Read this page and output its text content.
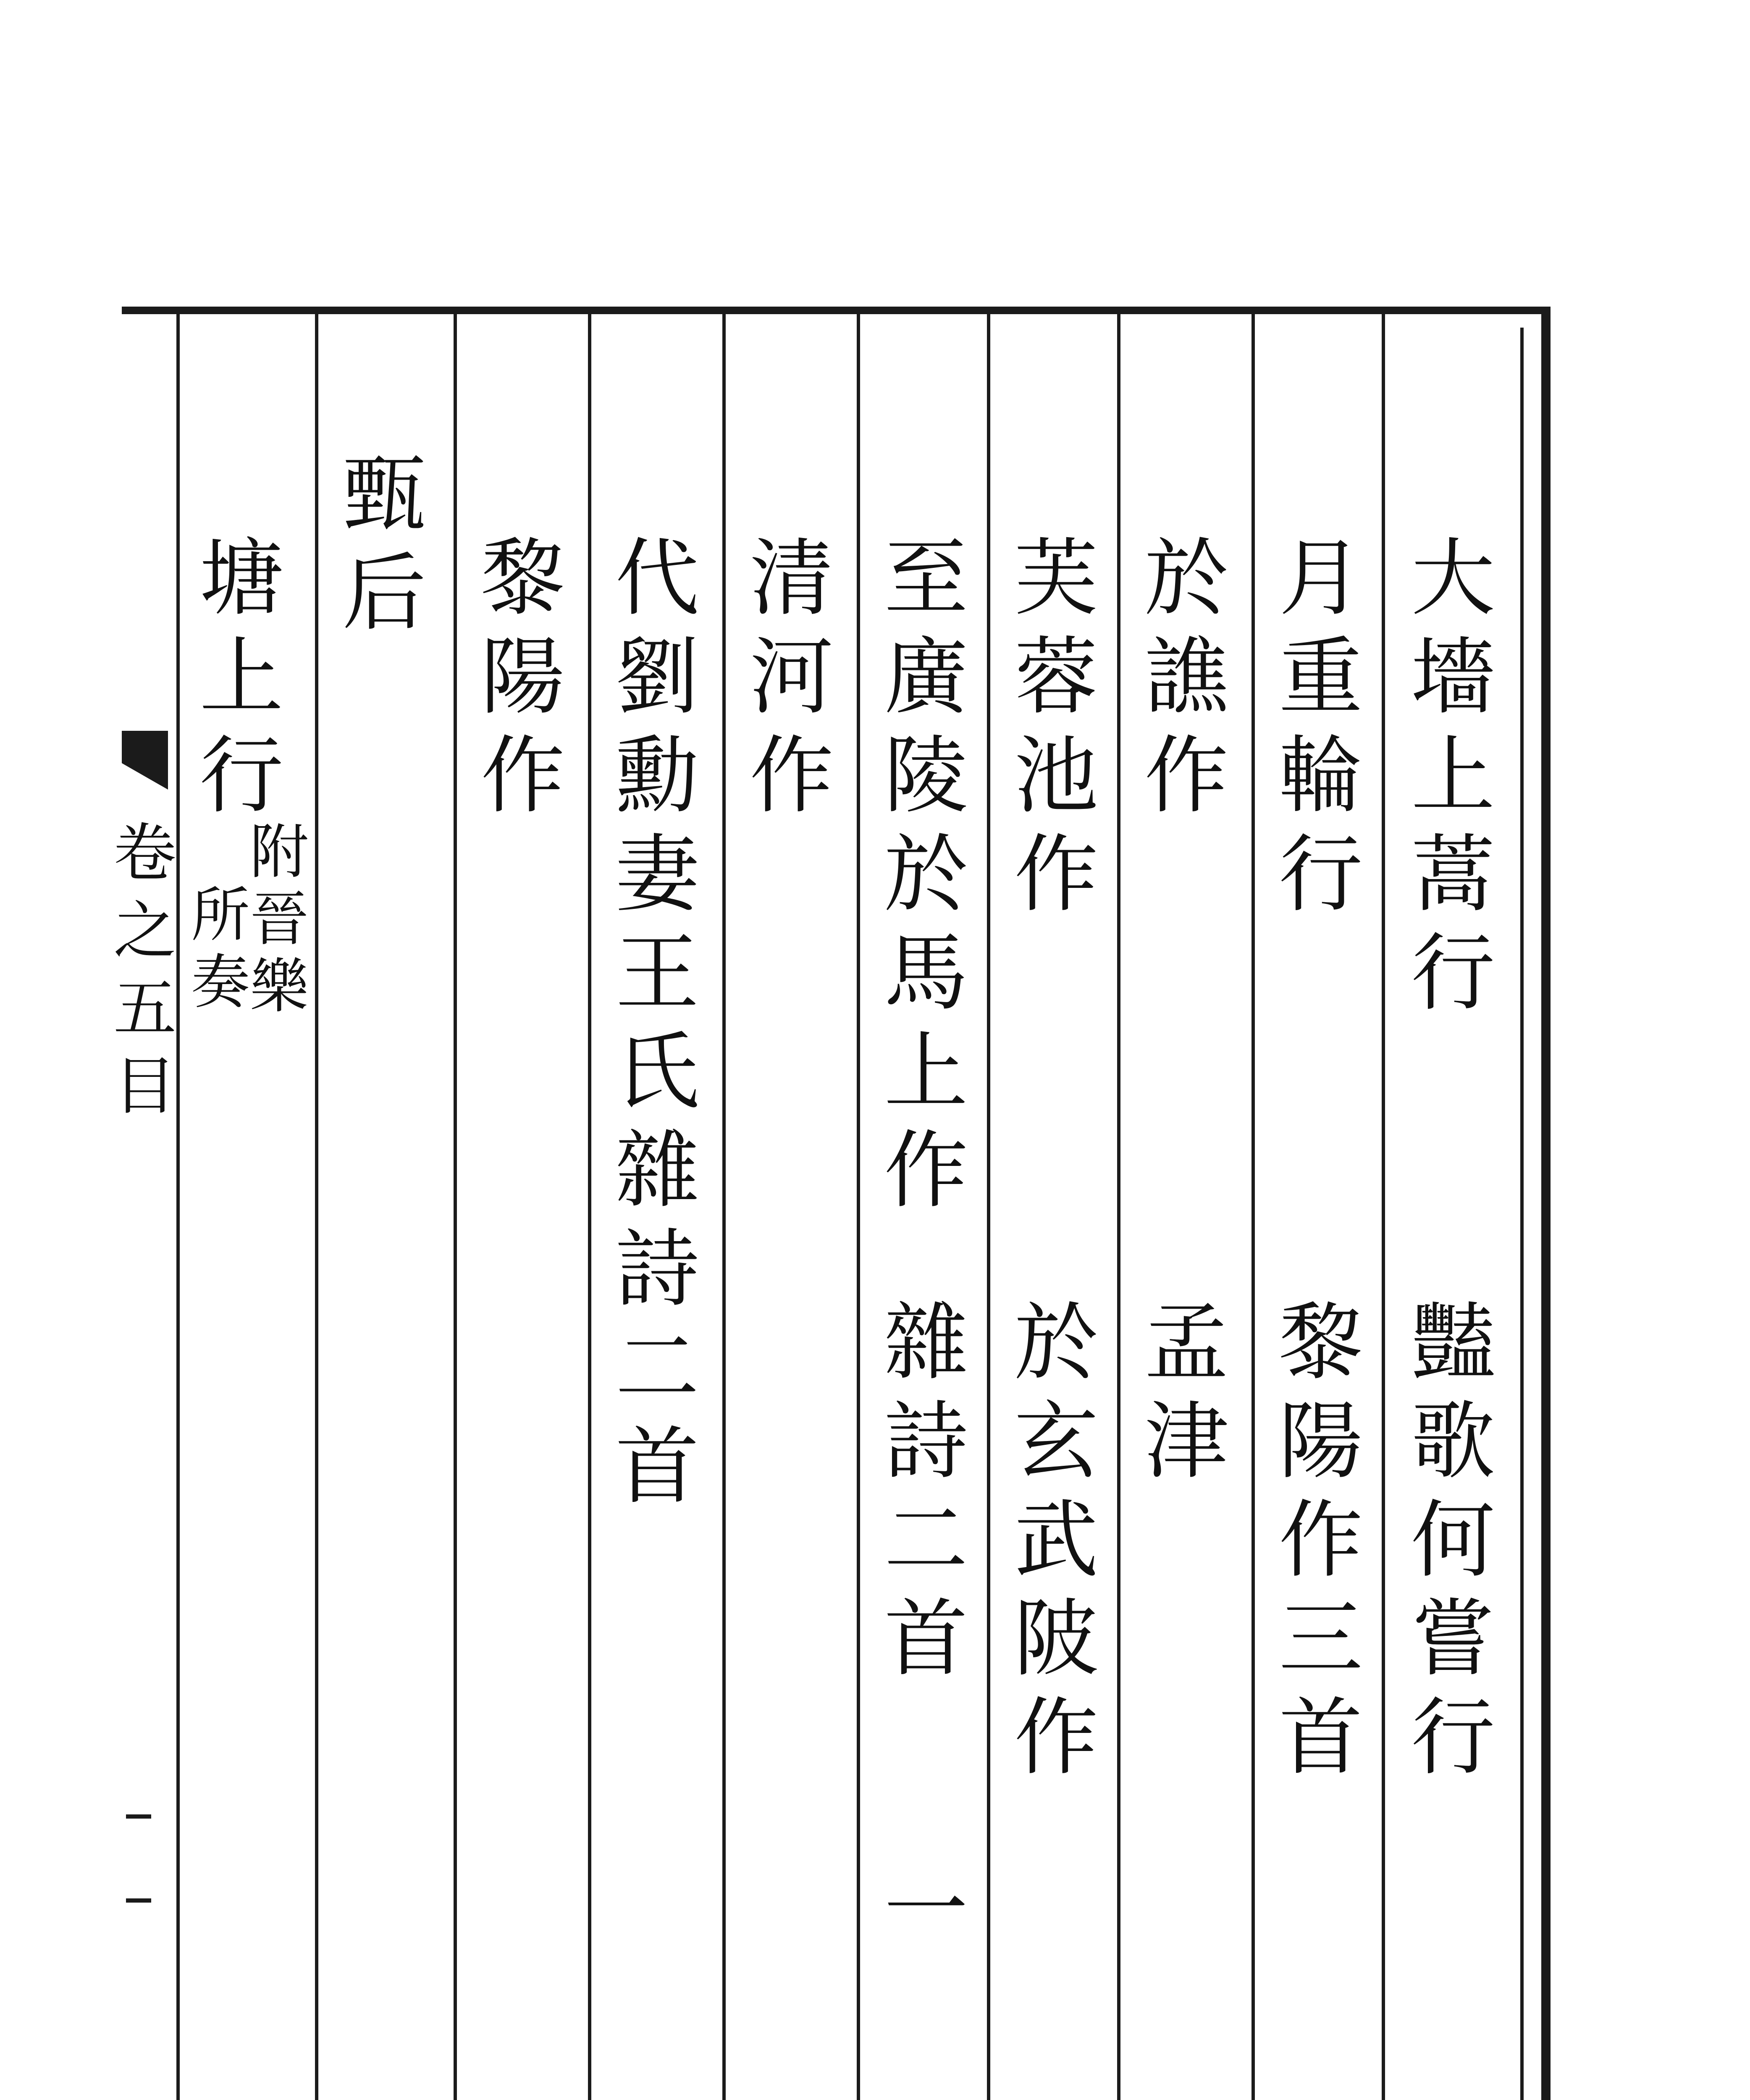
卷
之
五
目
大
墻
上
蒿
行
豔
歌
何
嘗
行
月
重
輪
行
黎
陽
作
三
首
於
譙
作
孟
津
芙
蓉
池
作
於
玄
武
陂
作
至
廣
陵
於
馬
上
作
雜
詩
二
首
一
清
河
作
代
劉
勳
妻
王
氏
雜
詩
二
首
黎
陽
作
甄
后
塘
上
行
附
晉
樂
所
奏
